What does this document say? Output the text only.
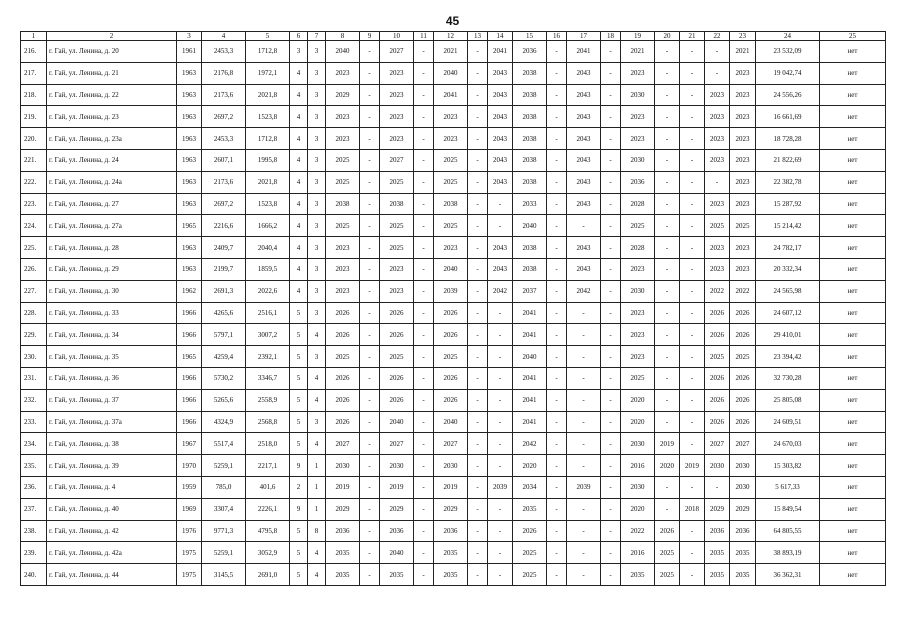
45
1	2	3	4	5	6	7	8	9	10	11	12	13	14	15	16	17	18	19	20	21	22	23	24	25
216.	г. Гай, ул. Ленина, д. 20	1961	2453,3	1712,8	3	3	2040	-	2027	-	2021	-	2041	2036	-	2041	-	2021	-	-	-	2021	23 532,09	нет
217.	г. Гай, ул. Ленина, д. 21	1963	2176,8	1972,1	4	3	2023	-	2023	-	2040	-	2043	2038	-	2043	-	2023	-	-	-	2023	19 042,74	нет
218.	г. Гай, ул. Ленина, д. 22	1963	2173,6	2021,8	4	3	2029	-	2023	-	2041	-	2043	2038	-	2043	-	2030	-	-	2023	2023	24 556,26	нет
219.	г. Гай, ул. Ленина, д. 23	1963	2697,2	1523,8	4	3	2023	-	2023	-	2023	-	2043	2038	-	2043	-	2023	-	-	2023	2023	16 661,69	нет
220.	г. Гай, ул. Ленина, д. 23а	1963	2453,3	1712,8	4	3	2023	-	2023	-	2023	-	2043	2038	-	2043	-	2023	-	-	2023	2023	18 728,28	нет
221.	г. Гай, ул. Ленина, д. 24	1963	2607,1	1995,8	4	3	2025	-	2027	-	2025	-	2043	2038	-	2043	-	2030	-	-	2023	2023	21 822,69	нет
222.	г. Гай, ул. Ленина, д. 24а	1963	2173,6	2021,8	4	3	2025	-	2025	-	2025	-	2043	2038	-	2043	-	2036	-	-	-	2023	22 382,78	нет
223.	г. Гай, ул. Ленина, д. 27	1963	2697,2	1523,8	4	3	2038	-	2038	-	2038	-	-	2033	-	2043	-	2028	-	-	2023	2023	15 287,92	нет
224.	г. Гай, ул. Ленина, д. 27а	1965	2216,6	1666,2	4	3	2025	-	2025	-	2025	-	-	2040	-	-	-	2025	-	-	2025	2025	15 214,42	нет
225.	г. Гай, ул. Ленина, д. 28	1963	2409,7	2040,4	4	3	2023	-	2025	-	2023	-	2043	2038	-	2043	-	2028	-	-	2023	2023	24 782,17	нет
226.	г. Гай, ул. Ленина, д. 29	1963	2199,7	1859,5	4	3	2023	-	2023	-	2040	-	2043	2038	-	2043	-	2023	-	-	2023	2023	20 332,34	нет
227.	г. Гай, ул. Ленина, д. 30	1962	2691,3	2022,6	4	3	2023	-	2023	-	2039	-	2042	2037	-	2042	-	2030	-	-	2022	2022	24 565,98	нет
228.	г. Гай, ул. Ленина, д. 33	1966	4265,6	2516,1	5	3	2026	-	2026	-	2026	-	-	2041	-	-	-	2023	-	-	2026	2026	24 607,12	нет
229.	г. Гай, ул. Ленина, д. 34	1966	5797,1	3007,2	5	4	2026	-	2026	-	2026	-	-	2041	-	-	-	2023	-	-	2026	2026	29 410,01	нет
230.	г. Гай, ул. Ленина, д. 35	1965	4259,4	2392,1	5	3	2025	-	2025	-	2025	-	-	2040	-	-	-	2023	-	-	2025	2025	23 394,42	нет
231.	г. Гай, ул. Ленина, д. 36	1966	5730,2	3346,7	5	4	2026	-	2026	-	2026	-	-	2041	-	-	-	2025	-	-	2026	2026	32 730,28	нет
232.	г. Гай, ул. Ленина, д. 37	1966	5265,6	2558,9	5	4	2026	-	2026	-	2026	-	-	2041	-	-	-	2020	-	-	2026	2026	25 805,08	нет
233.	г. Гай, ул. Ленина, д. 37а	1966	4324,9	2568,8	5	3	2026	-	2040	-	2040	-	-	2041	-	-	-	2020	-	-	2026	2026	24 609,51	нет
234.	г. Гай, ул. Ленина, д. 38	1967	5517,4	2518,0	5	4	2027	-	2027	-	2027	-	-	2042	-	-	-	2030	2019	-	2027	2027	24 670,03	нет
235.	г. Гай, ул. Ленина, д. 39	1970	5259,1	2217,1	9	1	2030	-	2030	-	2030	-	-	2020	-	-	-	2016	2020	2019	2030	2030	15 303,82	нет
236.	г. Гай, ул. Ленина, д. 4	1959	785,0	401,6	2	1	2019	-	2019	-	2019	-	2039	2034	-	2039	-	2030	-	-	-	2030	5 617,33	нет
237.	г. Гай, ул. Ленина, д. 40	1969	3307,4	2226,1	9	1	2029	-	2029	-	2029	-	-	2035	-	-	-	2020	-	2018	2029	2029	15 849,54	нет
238.	г. Гай, ул. Ленина, д. 42	1976	9771,3	4795,8	5	8	2036	-	2036	-	2036	-	-	2026	-	-	-	2022	2026	-	2036	2036	64 805,55	нет
239.	г. Гай, ул. Ленина, д. 42а	1975	5259,1	3052,9	5	4	2035	-	2040	-	2035	-	-	2025	-	-	-	2016	2025	-	2035	2035	38 893,19	нет
240.	г. Гай, ул. Ленина, д. 44	1975	3145,5	2691,0	5	4	2035	-	2035	-	2035	-	-	2025	-	-	-	2035	2025	-	2035	2035	36 362,31	нет
